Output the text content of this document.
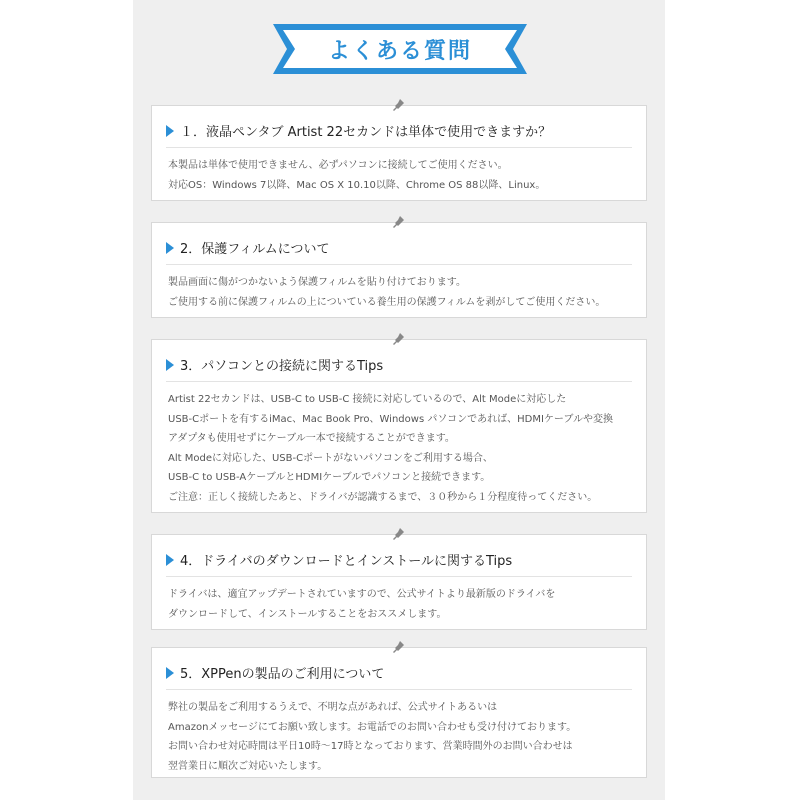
よくある質問
１．液晶ペンタブ Artist 22セカンドは単体で使用できますか？
本製品は単体で使用できません、必ずパソコンに接続してご使用ください。
対応OS：Windows 7以降、Mac OS X 10.10以降、Chrome OS 88以降、Linux。
2．保護フィルムについて
製品画面に傷がつかないよう保護フィルムを貼り付けております。
ご使用する前に保護フィルムの上についている養生用の保護フィルムを剥がしてご使用ください。
3．パソコンとの接続に関するTips
Artist 22セカンドは、USB-C to USB-C 接続に対応しているので、Alt Modeに対応した
USB-Cポートを有するiMac、Mac Book Pro、Windows パソコンであれば、HDMIケーブルや変換
アダプタも使用せずにケーブル一本で接続することができます。
Alt Modeに対応した、USB-Cポートがないパソコンをご利用する場合、
USB-C to USB-AケーブルとHDMIケーブルでパソコンと接続できます。
ご注意：正しく接続したあと、ドライバが認識するまで、３０秒から１分程度待ってください。
4．ドライバのダウンロードとインストールに関するTips
ドライバは、適宜アップデートされていますので、公式サイトより最新版のドライバを
ダウンロードして、インストールすることをおススメします。
5．XPPenの製品のご利用について
弊社の製品をご利用するうえで、不明な点があれば、公式サイトあるいは
Amazonメッセージにてお願い致します。お電話でのお問い合わせも受け付けております。
お問い合わせ対応時間は平日10時〜17時となっております、営業時間外のお問い合わせは
翌営業日に順次ご対応いたします。
